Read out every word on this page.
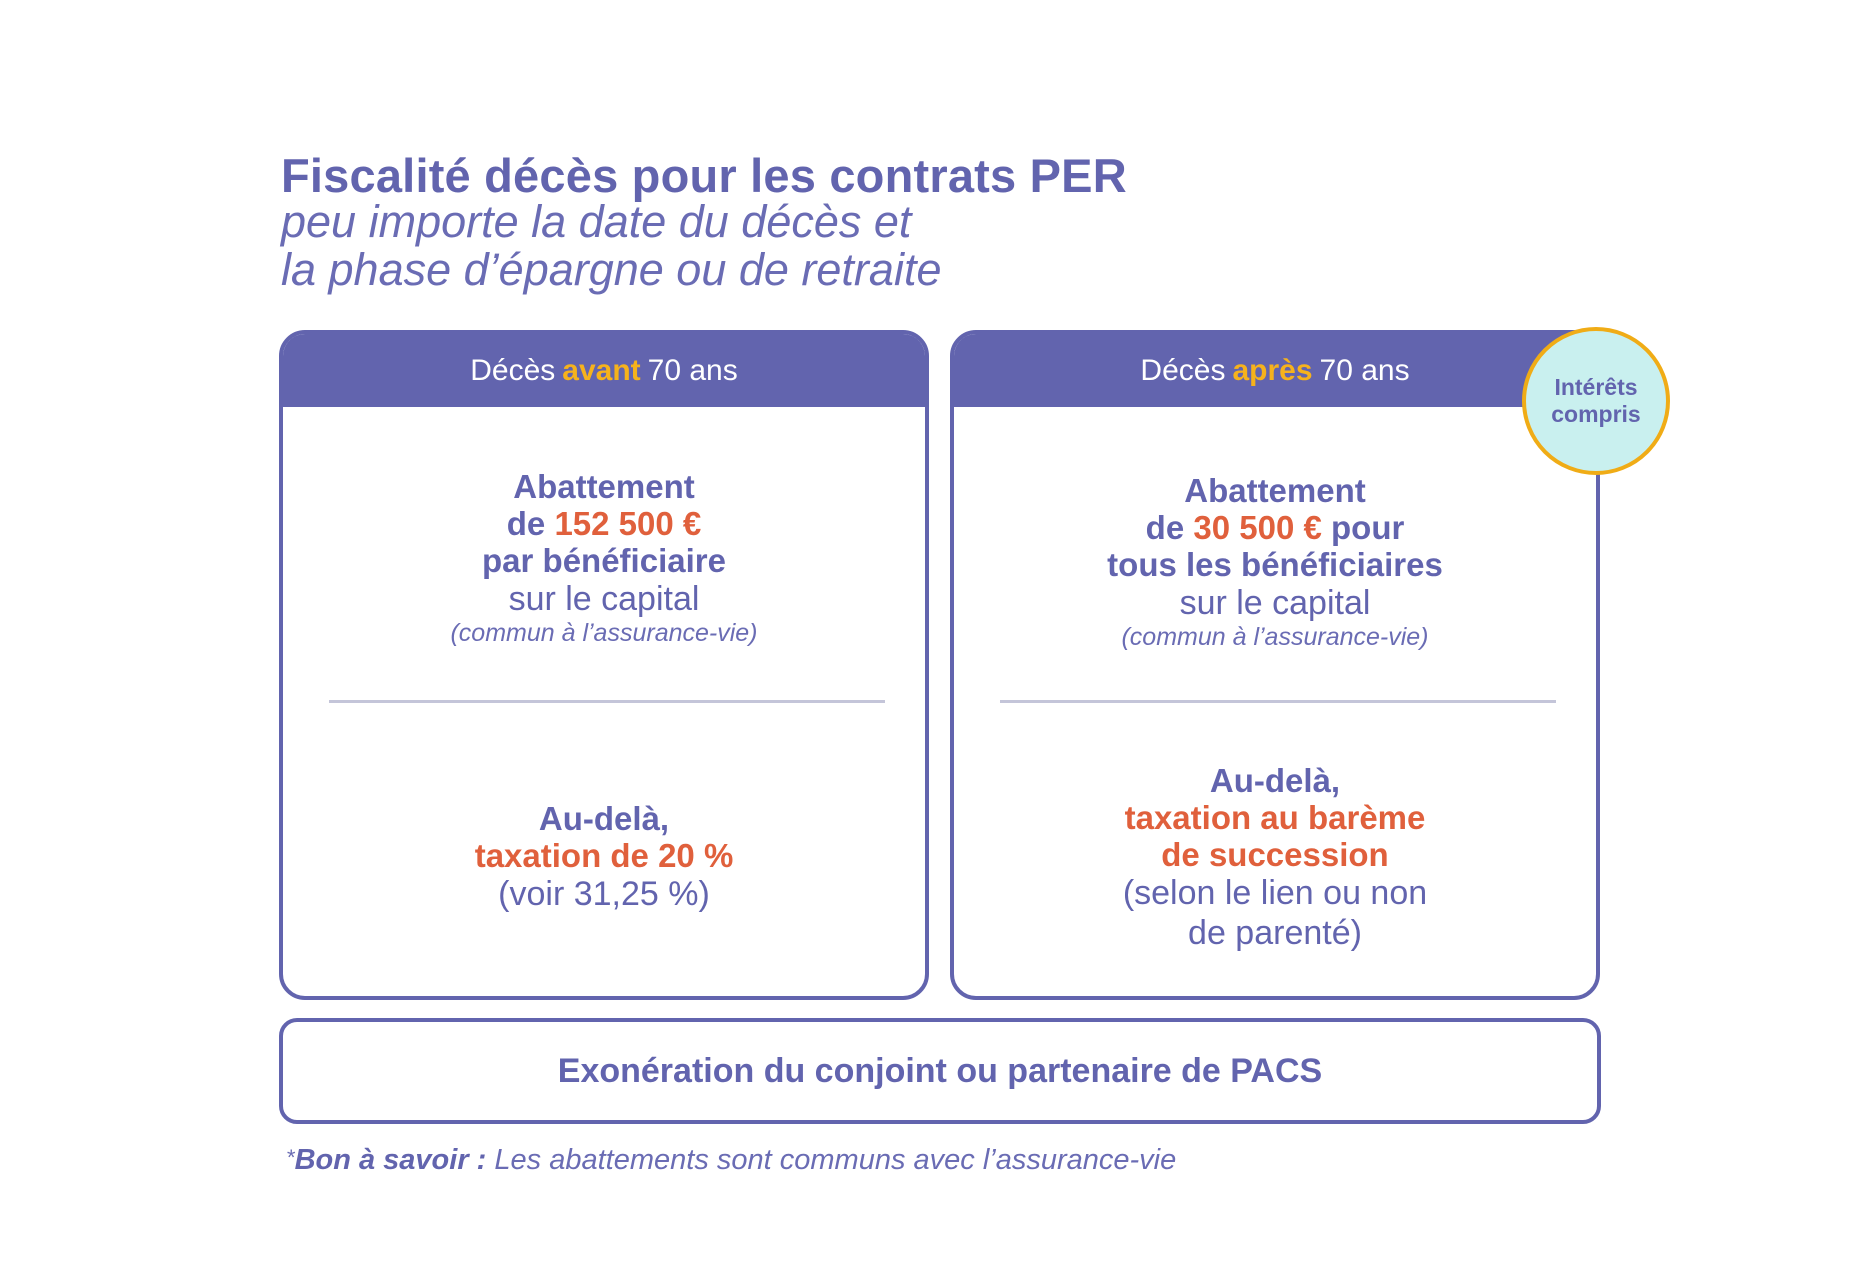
Fiscalité décès pour les contrats PER
peu importe la date du décès et
la phase d’épargne ou de retraite
Décès avant 70 ans
Abattement
de 152 500 €
par bénéficiaire
sur le capital
(commun à l’assurance-vie)
Au-delà,
taxation de 20 %
(voir 31,25 %)
Décès après 70 ans
Abattement
de 30 500 € pour
tous les bénéficiaires
sur le capital
(commun à l’assurance-vie)
Au-delà,
taxation au barème
de succession
(selon le lien ou non
de parenté)
Intérêts
compris
Exonération du conjoint ou partenaire de PACS
*Bon à savoir : Les abattements sont communs avec l’assurance-vie
